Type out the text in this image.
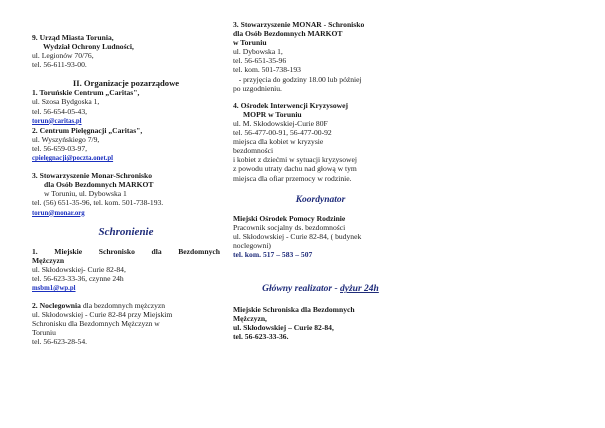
9. Urząd Miasta Torunia,
Wydział Ochrony Ludności,
ul. Legionów 70/76,
tel. 56-611-93-00.
II. Organizacje pozarządowe
1. Toruńskie Centrum „Caritas",
ul. Szosa Bydgoska 1,
tel. 56-654-05-43,
torun@caritas.pl
2. Centrum Pielęgnacji „Caritas",
ul. Wyszyńskiego 7/9,
tel. 56-659-03-97,
cpielęgnacji@poczta.onet.pl
3. Stowarzyszenie Monar-Schronisko
dla Osób Bezdomnych MARKOT
w Toruniu, ul. Dybowska 1
tel. (56) 651-35-96, tel. kom. 501-738-193.
torun@monar.org
Schronienie
1. Miejskie Schronisko dla Bezdomnych
Mężczyzn
ul. Skłodowskiej- Curie 82-84,
tel. 56-623-33-36, czynne 24h
msbm1@wp.pl
2. Noclegownia dla bezdomnych mężczyzn
ul. Skłodowskiej - Curie 82-84 przy Miejskim
Schronisku dla Bezdomnych Mężczyzn w
Toruniu
tel. 56-623-28-54.
3. Stowarzyszenie MONAR - Schronisko
dla Osób Bezdomnych MARKOT
w Toruniu
ul. Dybowska 1,
tel. 56-651-35-96
tel. kom. 501-738-193
- przyjęcia do godziny 18.00 lub później
po uzgodnieniu.
4. Ośrodek Interwencji Kryzysowej
MOPR w Toruniu
ul. M. Skłodowskiej-Curie 80F
tel. 56-477-00-91, 56-477-00-92
miejsca dla kobiet w kryzysie
bezdomności
i kobiet z dziećmi w sytuacji kryzysowej
z powodu utraty dachu nad głową w tym
miejsca dla ofiar przemocy w rodzinie.
Koordynator
Miejski Ośrodek Pomocy Rodzinie
Pracownik socjalny ds. bezdomności
ul. Skłodowskiej - Curie 82-84, ( budynek
noclegowni)
tel. kom. 517 – 583 – 507
Główny realizator - dyżur 24h
Miejskie Schroniska dla Bezdomnych
Mężczyzn,
ul. Skłodowskiej – Curie 82-84,
tel. 56-623-33-36.
